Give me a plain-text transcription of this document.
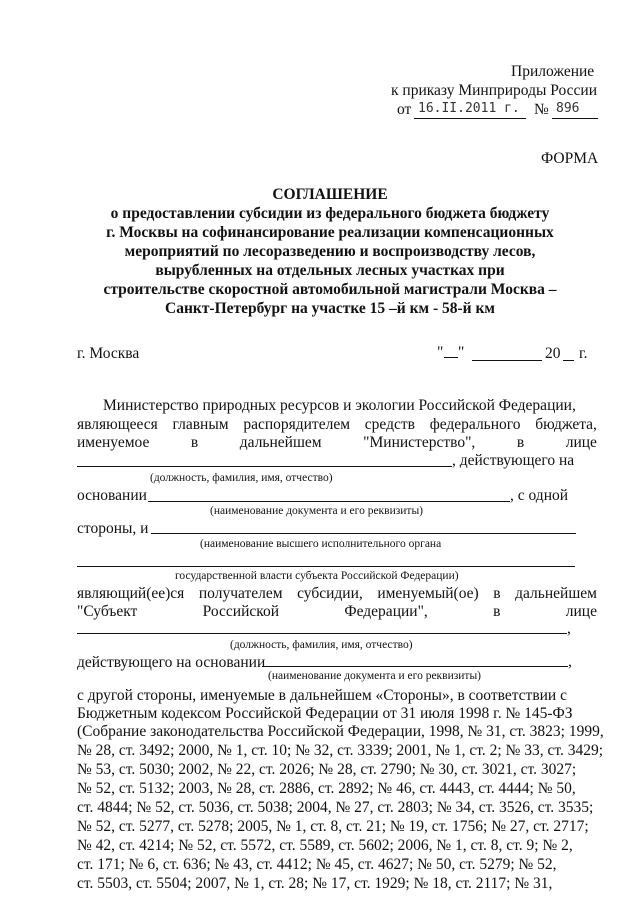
Приложение
к приказу Минприроды России
от 16.II.2011 г. № 896
ФОРМА
СОГЛАШЕНИЕ
о предоставлении субсидии из федерального бюджета бюджету
г. Москвы на софинансирование реализации компенсационных
мероприятий по лесоразведению и воспроизводству лесов,
вырубленных на отдельных лесных участках при
строительстве скоростной автомобильной магистрали Москва –
Санкт-Петербург на участке 15 –й км - 58-й км
г. Москва	" "	20 г.
Министерство природных ресурсов и экологии Российской Федерации,
являющееся главным распорядителем средств федерального бюджета,
именуемое	в	дальнейшем	"Министерство",	в	лице
, действующего на
(должность, фамилия, имя, отчество)
основании	, с одной
(наименование документа и его реквизиты)
стороны, и
(наименование высшего исполнительного органа
государственной власти субъекта Российской Федерации)
являющий(ее)ся получателем субсидии, именуемый(ое) в дальнейшем
"Субъект	Российской	Федерации",	в	лице
,
(должность, фамилия, имя, отчество)
действующего на основании	,
(наименование документа и его реквизиты)
с другой стороны, именуемые в дальнейшем «Стороны», в соответствии с
Бюджетным кодексом Российской Федерации от 31 июля 1998 г. № 145-ФЗ
(Собрание законодательства Российской Федерации, 1998, № 31, ст. 3823; 1999,
№ 28, ст. 3492; 2000, № 1, ст. 10; № 32, ст. 3339; 2001, № 1, ст. 2; № 33, ст. 3429;
№ 53, ст. 5030; 2002, № 22, ст. 2026; № 28, ст. 2790; № 30, ст. 3021, ст. 3027;
№ 52, ст. 5132; 2003, № 28, ст. 2886, ст. 2892; № 46, ст. 4443, ст. 4444; № 50,
ст. 4844; № 52, ст. 5036, ст. 5038; 2004, № 27, ст. 2803; № 34, ст. 3526, ст. 3535;
№ 52, ст. 5277, ст. 5278; 2005, № 1, ст. 8, ст. 21; № 19, ст. 1756; № 27, ст. 2717;
№ 42, ст. 4214; № 52, ст. 5572, ст. 5589, ст. 5602; 2006, № 1, ст. 8, ст. 9; № 2,
ст. 171; № 6, ст. 636; № 43, ст. 4412; № 45, ст. 4627; № 50, ст. 5279; № 52,
ст. 5503, ст. 5504; 2007, № 1, ст. 28; № 17, ст. 1929; № 18, ст. 2117; № 31,
